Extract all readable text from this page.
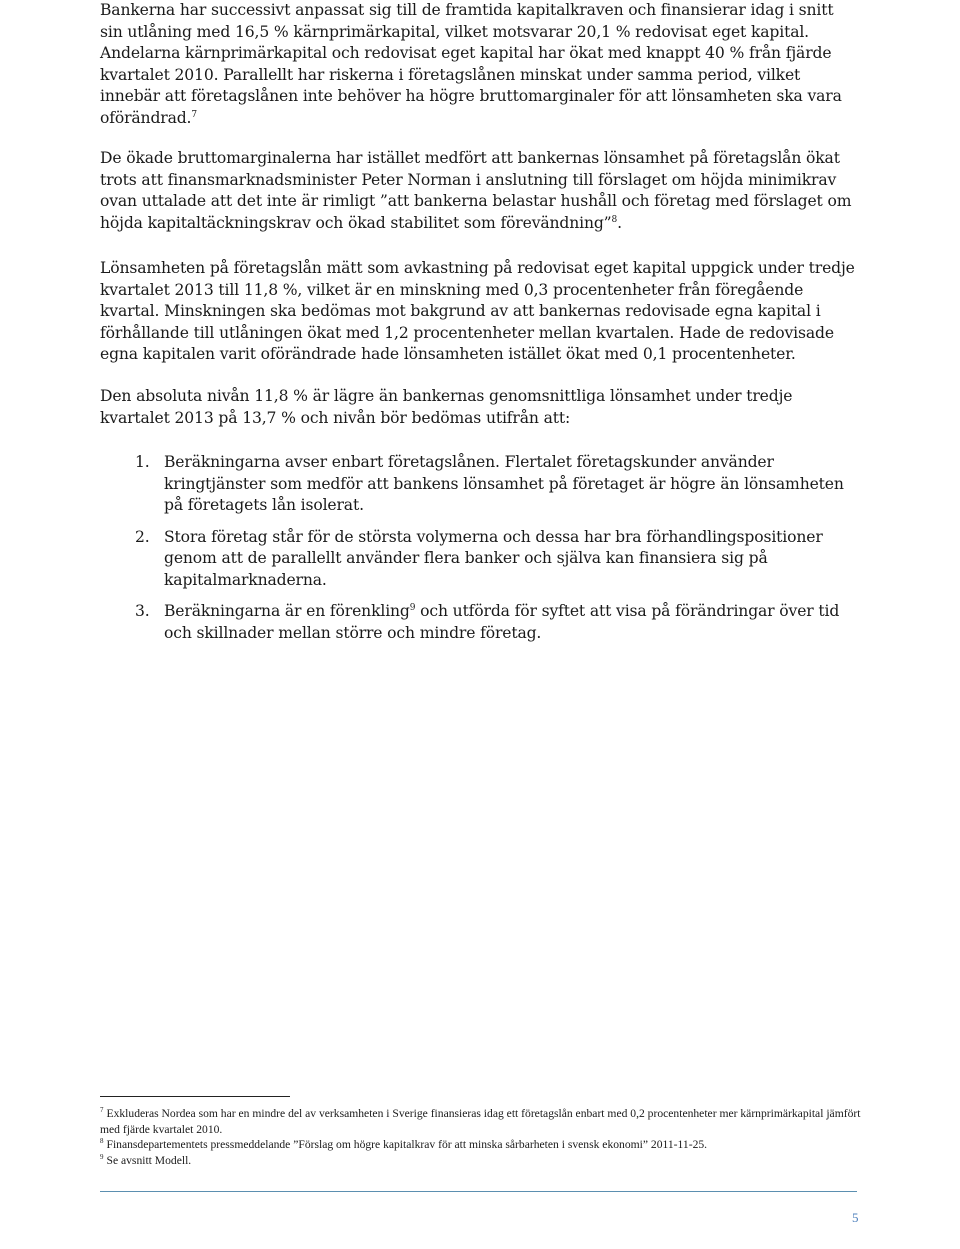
Bankerna har successivt anpassat sig till de framtida kapitalkraven och finansierar idag i snitt sin utlåning med 16,5 % kärnprimärkapital, vilket motsvarar 20,1 % redovisat eget kapital. Andelarna kärnprimärkapital och redovisat eget kapital har ökat med knappt 40 % från fjärde kvartalet 2010. Parallellt har riskerna i företagslånen minskat under samma period, vilket innebär att företagslånen inte behöver ha högre bruttomarginaler för att lönsamheten ska vara oförändrad.$^7$

De ökade bruttomarginalerna har istället medfört att bankernas lönsamhet på företagslån ökat trots att finansmarknadsminister Peter Norman i anslutning till förslaget om höjda minimikrav ovan uttalade att det inte är rimligt ”att bankerna belastar hushåll och företag med förslaget om höjda kapitaltäckningskrav och ökad stabilitet som förevändning”$^8$.

Lönsamheten på företagslån mätt som avkastning på redovisat eget kapital uppgick under tredje kvartalet 2013 till 11,8 %, vilket är en minskning med 0,3 procentenheter från föregående kvartal. Minskningen ska bedömas mot bakgrund av att bankernas redovisade egna kapital i förhållande till utlåningen ökat med 1,2 procentenheter mellan kvartalen. Hade de redovisade egna kapitalen varit oförändrade hade lönsamheten istället ökat med 0,1 procentenheter.

Den absoluta nivån 11,8 % är lägre än bankernas genomsnittliga lönsamhet under tredje kvartalet 2013 på 13,7 % och nivån bör bedömas utifrån att:

1. Beräkningarna avser enbart företagslånen. Flertalet företagskunder använder kringtjänster som medför att bankens lönsamhet på företaget är högre än lönsamheten på företagets lån isolerat.
2. Stora företag står för de största volymerna och dessa har bra förhandlingspositioner genom att de parallellt använder flera banker och själva kan finansiera sig på kapitalmarknaderna.
3. Beräkningarna är en förenkling$^9$ och utförda för syftet att visa på förändringar över tid och skillnader mellan större och mindre företag.

$^7$ Exkluderas Nordea som har en mindre del av verksamheten i Sverige finansieras idag ett företagslån enbart med 0,2 procentenheter mer kärnprimärkapital jämfört med fjärde kvartalet 2010.

$^8$ Finansdepartementets pressmeddelande ”Förslag om högre kapitalkrav för att minska sårbarheten i svensk ekonomi” 2011-11-25.

$^9$ Se avsnitt Modell.

5
